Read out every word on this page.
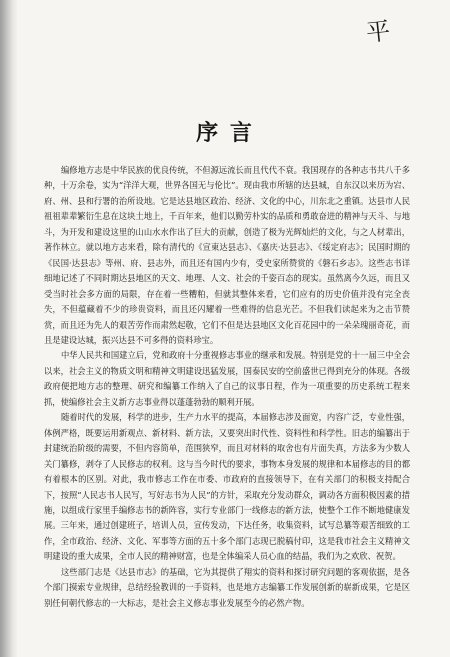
平
序 言

编修地方志是中华民族的优良传统，不但源远流长而且代代不衰。我国现存的各种志书共八千多种，十万余卷，实为“洋洋大观，世界各国无与伦比”。现由我市所辖的达县城，自东汉以来历为宕、府、州、县和行署的治所设地。它是达县地区政治、经济、文化的中心，川东北之重镇。达县市人民祖祖辈辈繁衍生息在这块土地上，千百年来，他们以勤劳朴实的品质和勇敢奋进的精神与天斗、与地斗，为开发和建设这里的山山水水作出了巨大的贡献，创造了极为光辉灿烂的文化，与之人材辈出，著作林立。就以地方志来看，除有清代的《宣東达县志》、《嘉庆·达县志》、《绥定府志》；民国时期的《民国·达县志》等州、府、县志外，而且还有国内少有，受史家所赞赏的《磐石乡志》。这些志书详细地记述了不同时期达县地区的天文、地理、人文、社会的千姿百态的现实。虽然离今久远，而且又受当时社会多方面的局限，存在着一些糟粕，但就其整体来看，它们应有的历史价值并没有完全丧失，不但蕴藏着不少的珍贵资料，而且还闪耀着一些难得的信息光芒。不但我们读起来为之击节赞赏，而且还为先人的艰苦劳作而肃然起敬，它们不但是达县地区文化百花园中的一朵朵瑰丽奇花，而且是建设达城，振兴达县不可多得的资料珍宝。

中华人民共和国建立后，党和政府十分重视修志事业的继承和发展。特别是党的十一届三中全会以来，社会主义的物质文明和精神文明建设迅猛发展，国泰民安的空前盛世已得到充分的体现。各级政府便把地方志的整理、研究和编纂工作纳入了自己的议事日程，作为一项重要的历史系统工程来抓，使编修社会主义新方志事业得以蓬蓬勃勃的顺利开展。

随着时代的发展，科学的进步，生产力水平的提高，本届修志涉及面宽，内容广泛，专业性强，体例严格，既要运用新观点、新材料、新方法，又要突出时代性、资料性和科学性。旧志的编纂出于封建统治阶级的需要，不但内容简单，范围狭窄，而且对材料的取舍也有片面失真，方法多为少数人关门纂修，剥夺了人民修志的权利。这与当今时代的要求，事物本身发展的规律和本届修志的目的都有着根本的区别。对此，我市修志工作在市委、市政府的直接领导下，在有关部门的积极支持配合下，按照“人民志书人民写，写好志书为人民”的方针，采取充分发动群众，调动各方面积极因素的措施，以组成行家里手编修志书的新阵容，实行专业部门一线修志的新方法，使整个工作不断地健康发展。三年来，通过创建班子，培训人员，宣传发动，下达任务，收集资料，试写总纂等艰苦细致的工作，全市政治、经济、文化、军事等方面的五十多个部门志现已脱稿付印，这是我市社会主义精神文明建设的重大成果，全市人民的精神财富，也是全体编采人员心血的结晶，我们为之欢欣、祝贺。

这些部门志是《达县市志》的基础，它为其提供了翔实的资料和探讨研究问题的客观依据，是各个部门摸索专业规律，总结经验教训的一手资料，也是地方志编纂工作发展创新的崭新成果，它是区别任何朝代修志的一大标志，是社会主义修志事业发展至今的必然产物。
